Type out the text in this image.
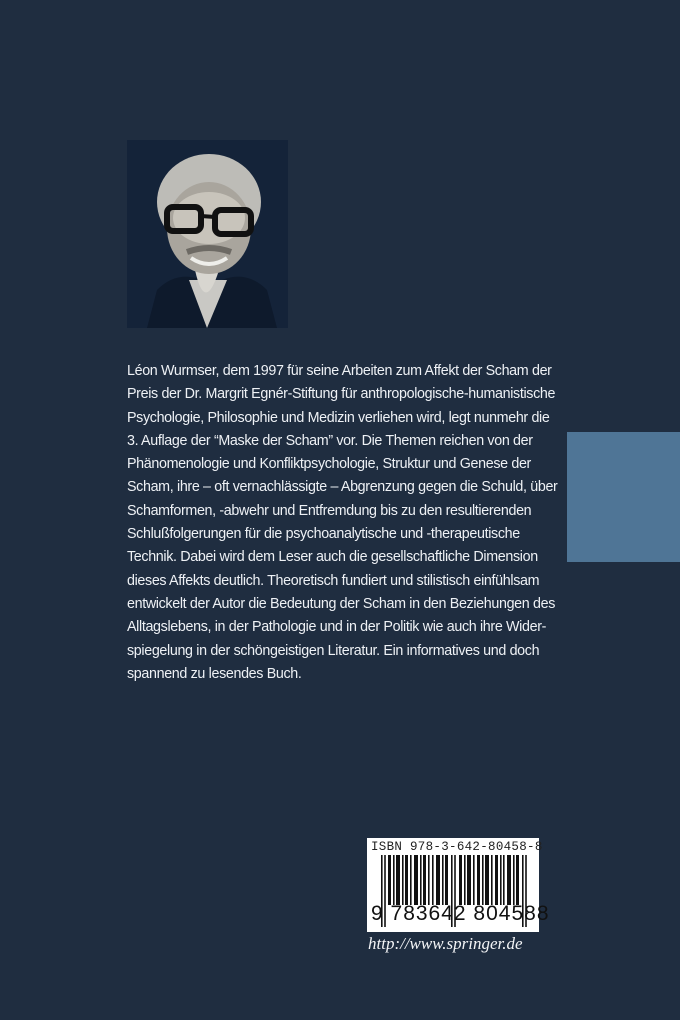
Léon Wurmser, dem 1997 für seine Arbeiten zum Affekt der Scham der
Preis der Dr. Margrit Egnér-Stiftung für anthropologische-humanistische
Psychologie, Philosophie und Medizin verliehen wird, legt nunmehr die
3. Auflage der “Maske der Scham” vor. Die Themen reichen von der
Phänomenologie und Konfliktpsychologie, Struktur und Genese der
Scham, ihre – oft vernachlässigte – Abgrenzung gegen die Schuld, über
Schamformen, -abwehr und Entfremdung bis zu den resultierenden
Schlußfolgerungen für die psychoanalytische und -therapeutische
Technik. Dabei wird dem Leser auch die gesellschaftliche Dimension
dieses Affekts deutlich. Theoretisch fundiert und stilistisch einfühlsam
entwickelt der Autor die Bedeutung der Scham in den Beziehungen des
Alltagslebens, in der Pathologie und in der Politik wie auch ihre Wider-
spiegelung in der schöngeistigen Literatur. Ein informatives und doch
spannend zu lesendes Buch.
ISBN 978-3-642-80458-8
9 783642 804588
http://www.springer.de
